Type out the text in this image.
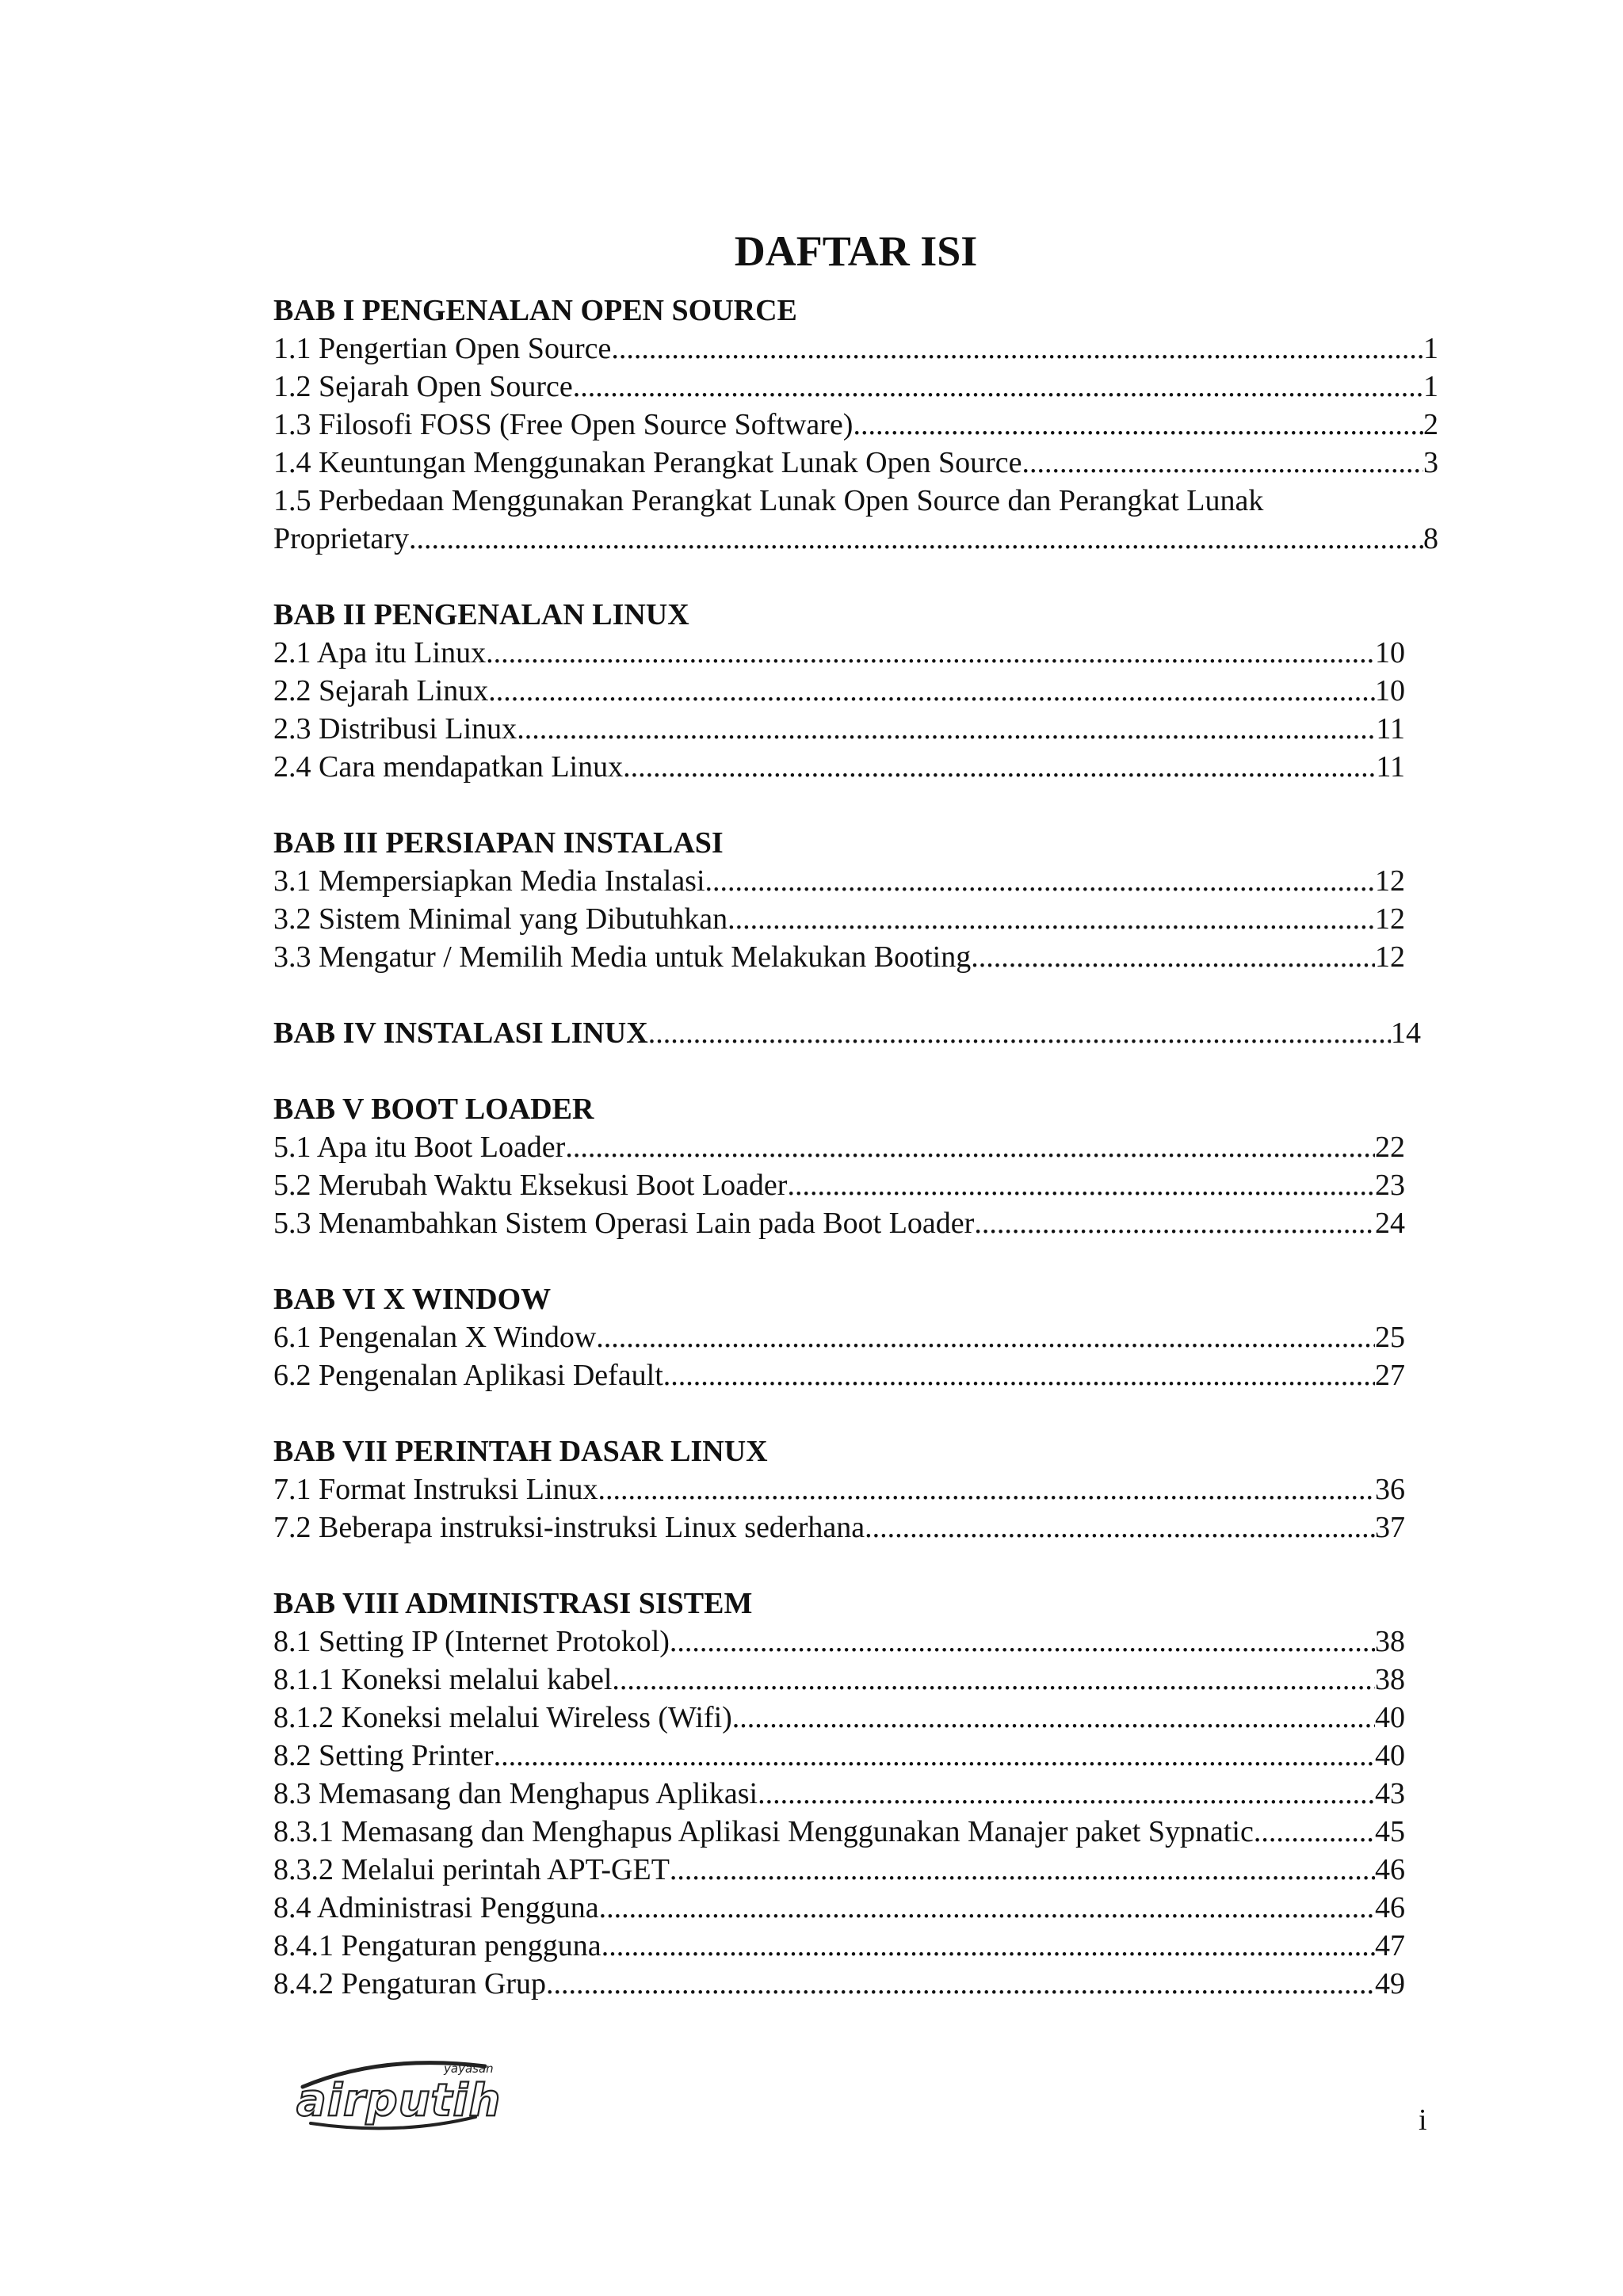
DAFTAR ISI
BAB I PENGENALAN OPEN SOURCE
1.1 Pengertian Open Source .....	1
1.2 Sejarah Open Source .....	1
1.3 Filosofi FOSS (Free Open Source Software) .....	2
1.4 Keuntungan Menggunakan Perangkat Lunak Open Source .....	3
1.5 Perbedaan Menggunakan Perangkat Lunak Open Source dan Perangkat Lunak
Proprietary .....	8
BAB II PENGENALAN LINUX
2.1 Apa itu Linux .....	10
2.2 Sejarah Linux .....	10
2.3 Distribusi Linux .....	11
2.4 Cara mendapatkan Linux .....	11
BAB III PERSIAPAN INSTALASI
3.1 Mempersiapkan Media Instalasi .....	12
3.2 Sistem Minimal yang Dibutuhkan .....	12
3.3 Mengatur / Memilih Media untuk Melakukan Booting .....	12
BAB IV INSTALASI LINUX .....	14
BAB V BOOT LOADER
5.1 Apa itu Boot Loader .....	22
5.2 Merubah Waktu Eksekusi Boot Loader .....	23
5.3 Menambahkan Sistem Operasi Lain pada Boot Loader .....	24
BAB VI X WINDOW
6.1 Pengenalan X Window .....	25
6.2 Pengenalan Aplikasi Default .....	27
BAB VII PERINTAH DASAR LINUX
7.1 Format Instruksi Linux .....	36
7.2 Beberapa instruksi-instruksi Linux sederhana .....	37
BAB VIII ADMINISTRASI SISTEM
8.1 Setting IP (Internet Protokol) .....	38
8.1.1 Koneksi melalui kabel .....	38
8.1.2 Koneksi melalui Wireless (Wifi) .....	40
8.2 Setting Printer .....	40
8.3 Memasang dan Menghapus Aplikasi .....	43
8.3.1 Memasang dan Menghapus Aplikasi Menggunakan Manajer paket Sypnatic .....	45
8.3.2 Melalui perintah APT-GET .....	46
8.4 Administrasi Pengguna .....	46
8.4.1 Pengaturan pengguna .....	47
8.4.2 Pengaturan Grup .....	49
yayasan
airputih	i
